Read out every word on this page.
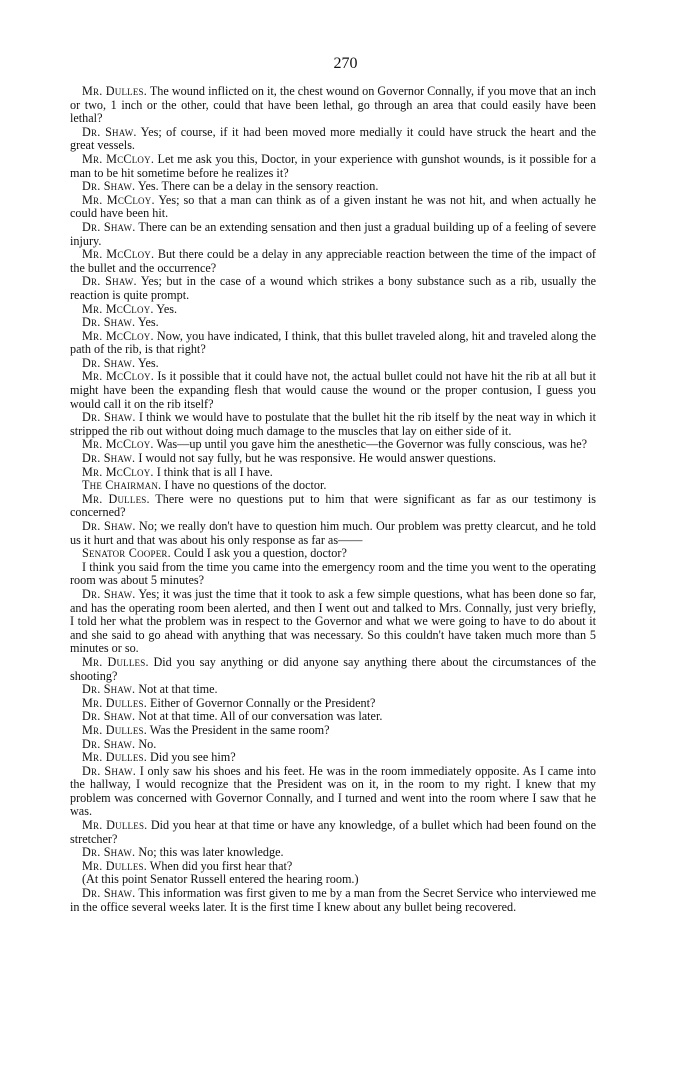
270

Mr. Dulles. The wound inflicted on it, the chest wound on Governor Connally, if you move that an inch or two, 1 inch or the other, could that have been lethal, go through an area that could easily have been lethal?

Dr. Shaw. Yes; of course, if it had been moved more medially it could have struck the heart and the great vessels.

Mr. McCloy. Let me ask you this, Doctor, in your experience with gunshot wounds, is it possible for a man to be hit sometime before he realizes it?

Dr. Shaw. Yes. There can be a delay in the sensory reaction.

Mr. McCloy. Yes; so that a man can think as of a given instant he was not hit, and when actually he could have been hit.

Dr. Shaw. There can be an extending sensation and then just a gradual building up of a feeling of severe injury.

Mr. McCloy. But there could be a delay in any appreciable reaction between the time of the impact of the bullet and the occurrence?

Dr. Shaw. Yes; but in the case of a wound which strikes a bony substance such as a rib, usually the reaction is quite prompt.

Mr. McCloy. Yes.

Dr. Shaw. Yes.

Mr. McCloy. Now, you have indicated, I think, that this bullet traveled along, hit and traveled along the path of the rib, is that right?

Dr. Shaw. Yes.

Mr. McCloy. Is it possible that it could have not, the actual bullet could not have hit the rib at all but it might have been the expanding flesh that would cause the wound or the proper contusion, I guess you would call it on the rib itself?

Dr. Shaw. I think we would have to postulate that the bullet hit the rib itself by the neat way in which it stripped the rib out without doing much damage to the muscles that lay on either side of it.

Mr. McCloy. Was—up until you gave him the anesthetic—the Governor was fully conscious, was he?

Dr. Shaw. I would not say fully, but he was responsive. He would answer questions.

Mr. McCloy. I think that is all I have.

The Chairman. I have no questions of the doctor.

Mr. Dulles. There were no questions put to him that were significant as far as our testimony is concerned?

Dr. Shaw. No; we really don't have to question him much. Our problem was pretty clearcut, and he told us it hurt and that was about his only response as far as——

Senator Cooper. Could I ask you a question, doctor?

I think you said from the time you came into the emergency room and the time you went to the operating room was about 5 minutes?

Dr. Shaw. Yes; it was just the time that it took to ask a few simple questions, what has been done so far, and has the operating room been alerted, and then I went out and talked to Mrs. Connally, just very briefly, I told her what the problem was in respect to the Governor and what we were going to have to do about it and she said to go ahead with anything that was necessary. So this couldn't have taken much more than 5 minutes or so.

Mr. Dulles. Did you say anything or did anyone say anything there about the circumstances of the shooting?

Dr. Shaw. Not at that time.

Mr. Dulles. Either of Governor Connally or the President?

Dr. Shaw. Not at that time. All of our conversation was later.

Mr. Dulles. Was the President in the same room?

Dr. Shaw. No.

Mr. Dulles. Did you see him?

Dr. Shaw. I only saw his shoes and his feet. He was in the room immediately opposite. As I came into the hallway, I would recognize that the President was on it, in the room to my right. I knew that my problem was concerned with Governor Connally, and I turned and went into the room where I saw that he was.

Mr. Dulles. Did you hear at that time or have any knowledge, of a bullet which had been found on the stretcher?

Dr. Shaw. No; this was later knowledge.

Mr. Dulles. When did you first hear that?

(At this point Senator Russell entered the hearing room.)

Dr. Shaw. This information was first given to me by a man from the Secret Service who interviewed me in the office several weeks later. It is the first time I knew about any bullet being recovered.
